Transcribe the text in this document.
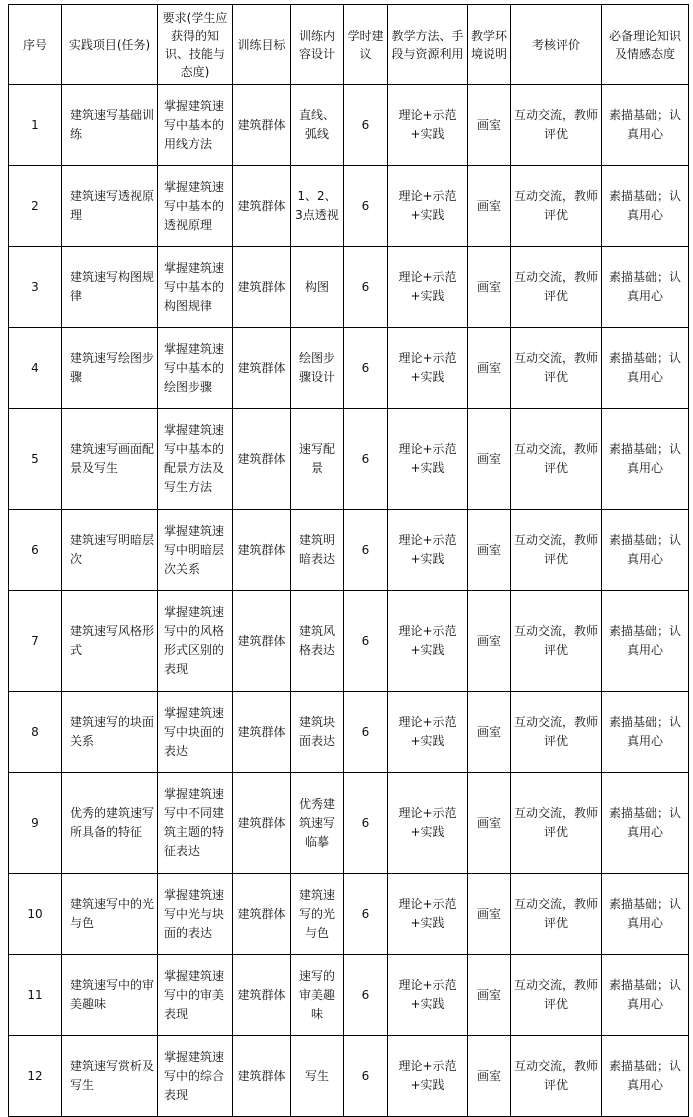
序号	实践项目(任务)	要求(学生应获得的知识、技能与态度)	训练目标	训练内容设计	学时建议	教学方法、手段与资源利用	教学环境说明	考核评价	必备理论知识及情感态度
1	建筑速写基础训练	掌握建筑速写中基本的用线方法	建筑群体	直线、弧线	6	理论+示范+实践	画室	互动交流，教师评优	素描基础；认真用心
2	建筑速写透视原理	掌握建筑速写中基本的透视原理	建筑群体	1、2、3点透视	6	理论+示范+实践	画室	互动交流，教师评优	素描基础；认真用心
3	建筑速写构图规律	掌握建筑速写中基本的构图规律	建筑群体	构图	6	理论+示范+实践	画室	互动交流，教师评优	素描基础；认真用心
4	建筑速写绘图步骤	掌握建筑速写中基本的绘图步骤	建筑群体	绘图步骤设计	6	理论+示范+实践	画室	互动交流，教师评优	素描基础；认真用心
5	建筑速写画面配景及写生	掌握建筑速写中基本的配景方法及写生方法	建筑群体	速写配景	6	理论+示范+实践	画室	互动交流，教师评优	素描基础；认真用心
6	建筑速写明暗层次	掌握建筑速写中明暗层次关系	建筑群体	建筑明暗表达	6	理论+示范+实践	画室	互动交流，教师评优	素描基础；认真用心
7	建筑速写风格形式	掌握建筑速写中的风格形式区别的表现	建筑群体	建筑风格表达	6	理论+示范+实践	画室	互动交流，教师评优	素描基础；认真用心
8	建筑速写的块面关系	掌握建筑速写中块面的表达	建筑群体	建筑块面表达	6	理论+示范+实践	画室	互动交流，教师评优	素描基础；认真用心
9	优秀的建筑速写所具备的特征	掌握建筑速写中不同建筑主题的特征表达	建筑群体	优秀建筑速写临摹	6	理论+示范+实践	画室	互动交流，教师评优	素描基础；认真用心
10	建筑速写中的光与色	掌握建筑速写中光与块面的表达	建筑群体	建筑速写的光与色	6	理论+示范+实践	画室	互动交流，教师评优	素描基础；认真用心
11	建筑速写中的审美趣味	掌握建筑速写中的审美表现	建筑群体	速写的审美趣味	6	理论+示范+实践	画室	互动交流，教师评优	素描基础；认真用心
12	建筑速写赏析及写生	掌握建筑速写中的综合表现	建筑群体	写生	6	理论+示范+实践	画室	互动交流，教师评优	素描基础；认真用心
